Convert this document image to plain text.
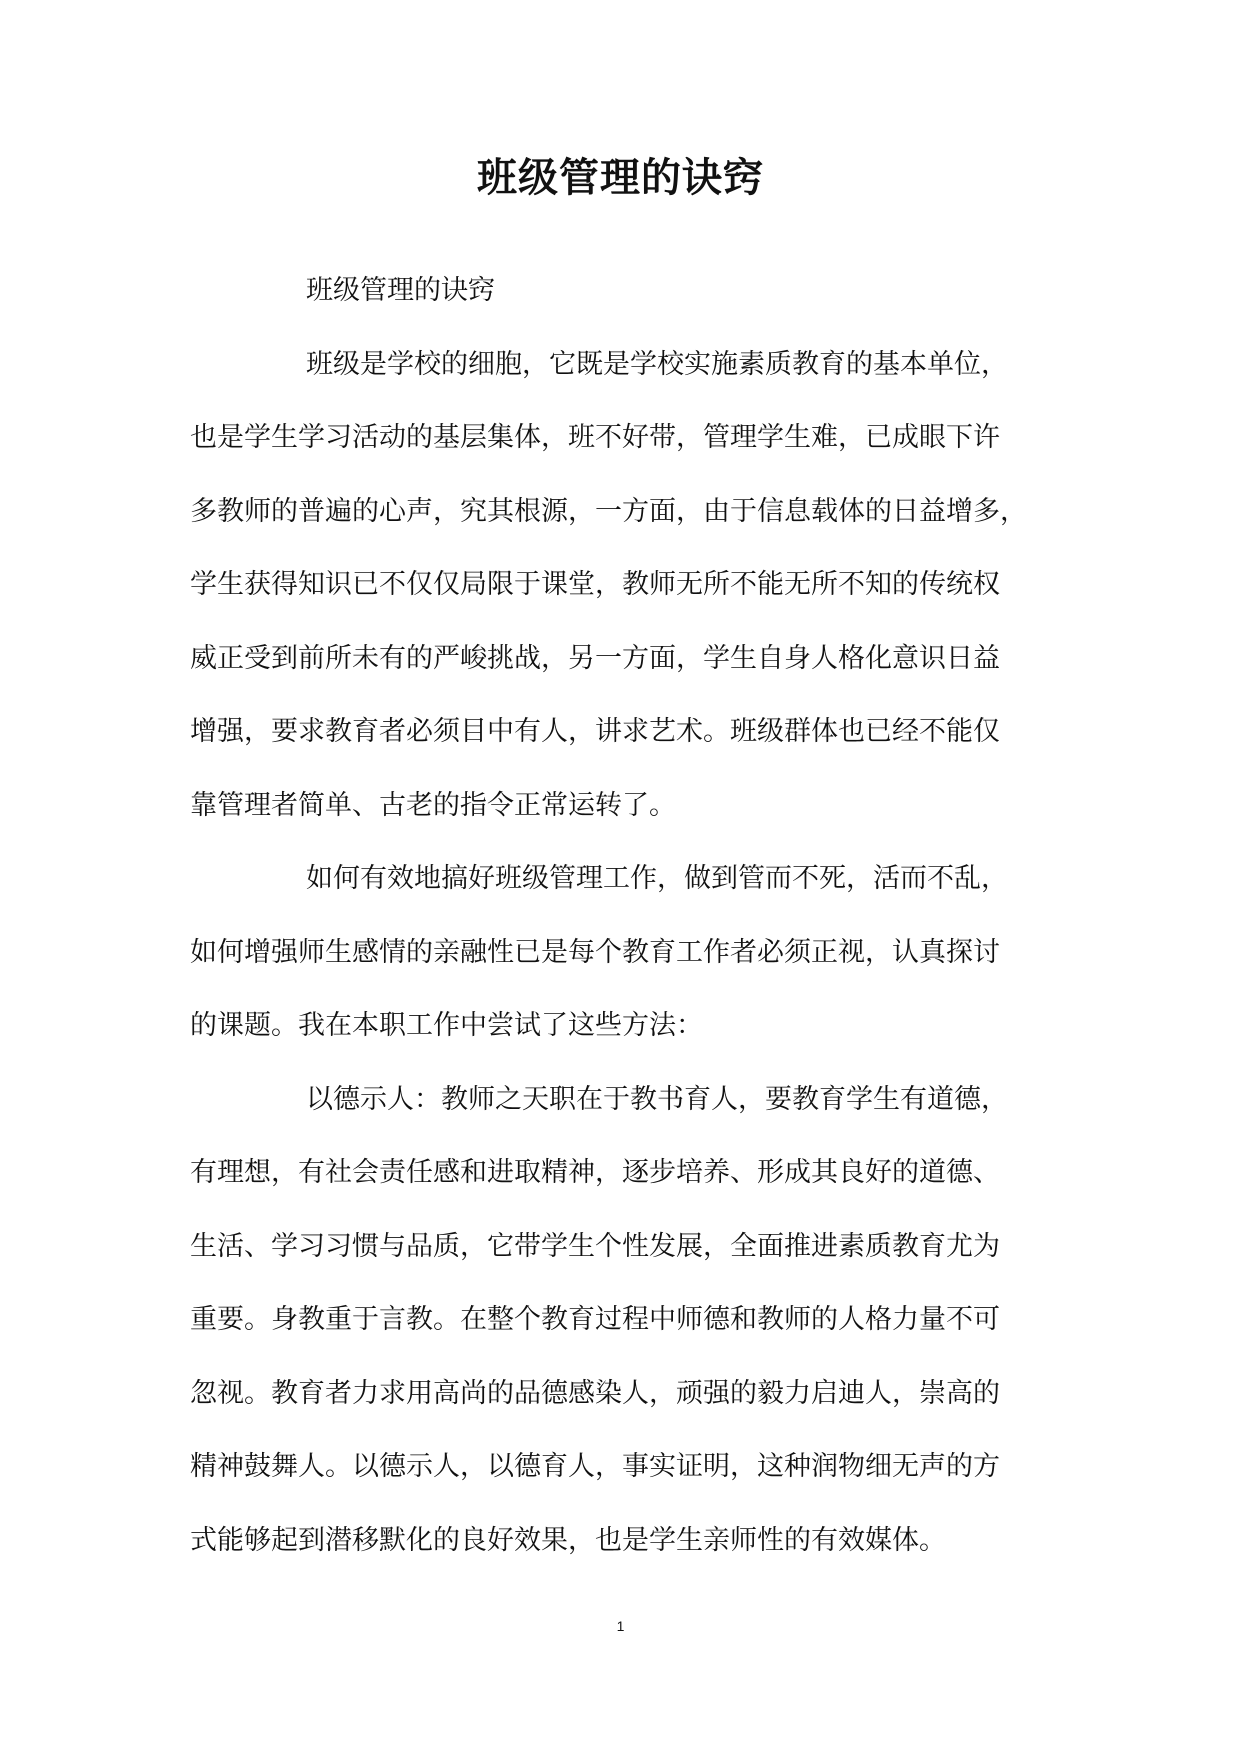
班级管理的诀窍
班级管理的诀窍
班级是学校的细胞，它既是学校实施素质教育的基本单位，
也是学生学习活动的基层集体，班不好带，管理学生难，已成眼下许
多教师的普遍的心声，究其根源，一方面，由于信息载体的日益增多，
学生获得知识已不仅仅局限于课堂，教师无所不能无所不知的传统权
威正受到前所未有的严峻挑战，另一方面，学生自身人格化意识日益
增强，要求教育者必须目中有人，讲求艺术。班级群体也已经不能仅
靠管理者简单、古老的指令正常运转了。
如何有效地搞好班级管理工作，做到管而不死，活而不乱，
如何增强师生感情的亲融性已是每个教育工作者必须正视，认真探讨
的课题。我在本职工作中尝试了这些方法：
以德示人：教师之天职在于教书育人，要教育学生有道德，
有理想，有社会责任感和进取精神，逐步培养、形成其良好的道德、
生活、学习习惯与品质，它带学生个性发展，全面推进素质教育尤为
重要。身教重于言教。在整个教育过程中师德和教师的人格力量不可
忽视。教育者力求用高尚的品德感染人，顽强的毅力启迪人，崇高的
精神鼓舞人。以德示人，以德育人，事实证明，这种润物细无声的方
式能够起到潜移默化的良好效果，也是学生亲师性的有效媒体。
1
